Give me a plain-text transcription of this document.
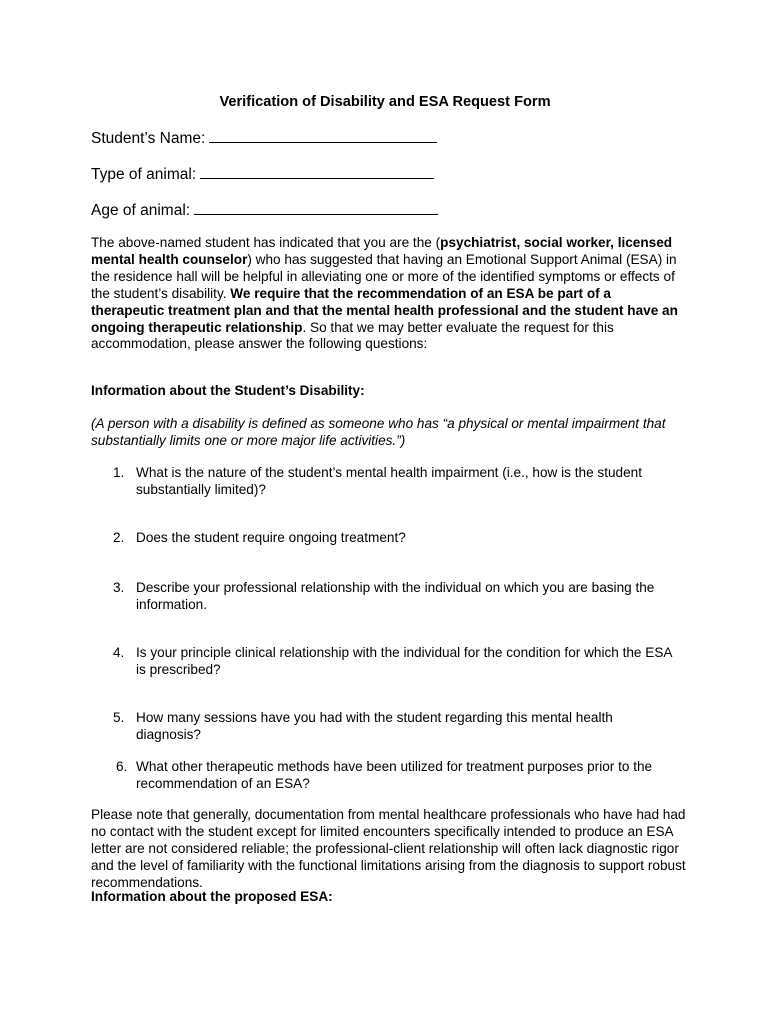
Verification of Disability and ESA Request Form
Student’s Name:
Type of animal:
Age of animal:
The above-named student has indicated that you are the (psychiatrist, social worker, licensed mental health counselor) who has suggested that having an Emotional Support Animal (ESA) in the residence hall will be helpful in alleviating one or more of the identified symptoms or effects of the student’s disability. We require that the recommendation of an ESA be part of a therapeutic treatment plan and that the mental health professional and the student have an ongoing therapeutic relationship. So that we may better evaluate the request for this accommodation, please answer the following questions:
Information about the Student’s Disability:
(A person with a disability is defined as someone who has “a physical or mental impairment that substantially limits one or more major life activities.”)
1. What is the nature of the student’s mental health impairment (i.e., how is the student substantially limited)?
2. Does the student require ongoing treatment?
3. Describe your professional relationship with the individual on which you are basing the information.
4. Is your principle clinical relationship with the individual for the condition for which the ESA is prescribed?
5. How many sessions have you had with the student regarding this mental health diagnosis?
6. What other therapeutic methods have been utilized for treatment purposes prior to the recommendation of an ESA?
Please note that generally, documentation from mental healthcare professionals who have had had no contact with the student except for limited encounters specifically intended to produce an ESA letter are not considered reliable; the professional-client relationship will often lack diagnostic rigor and the level of familiarity with the functional limitations arising from the diagnosis to support robust recommendations.
Information about the proposed ESA:
